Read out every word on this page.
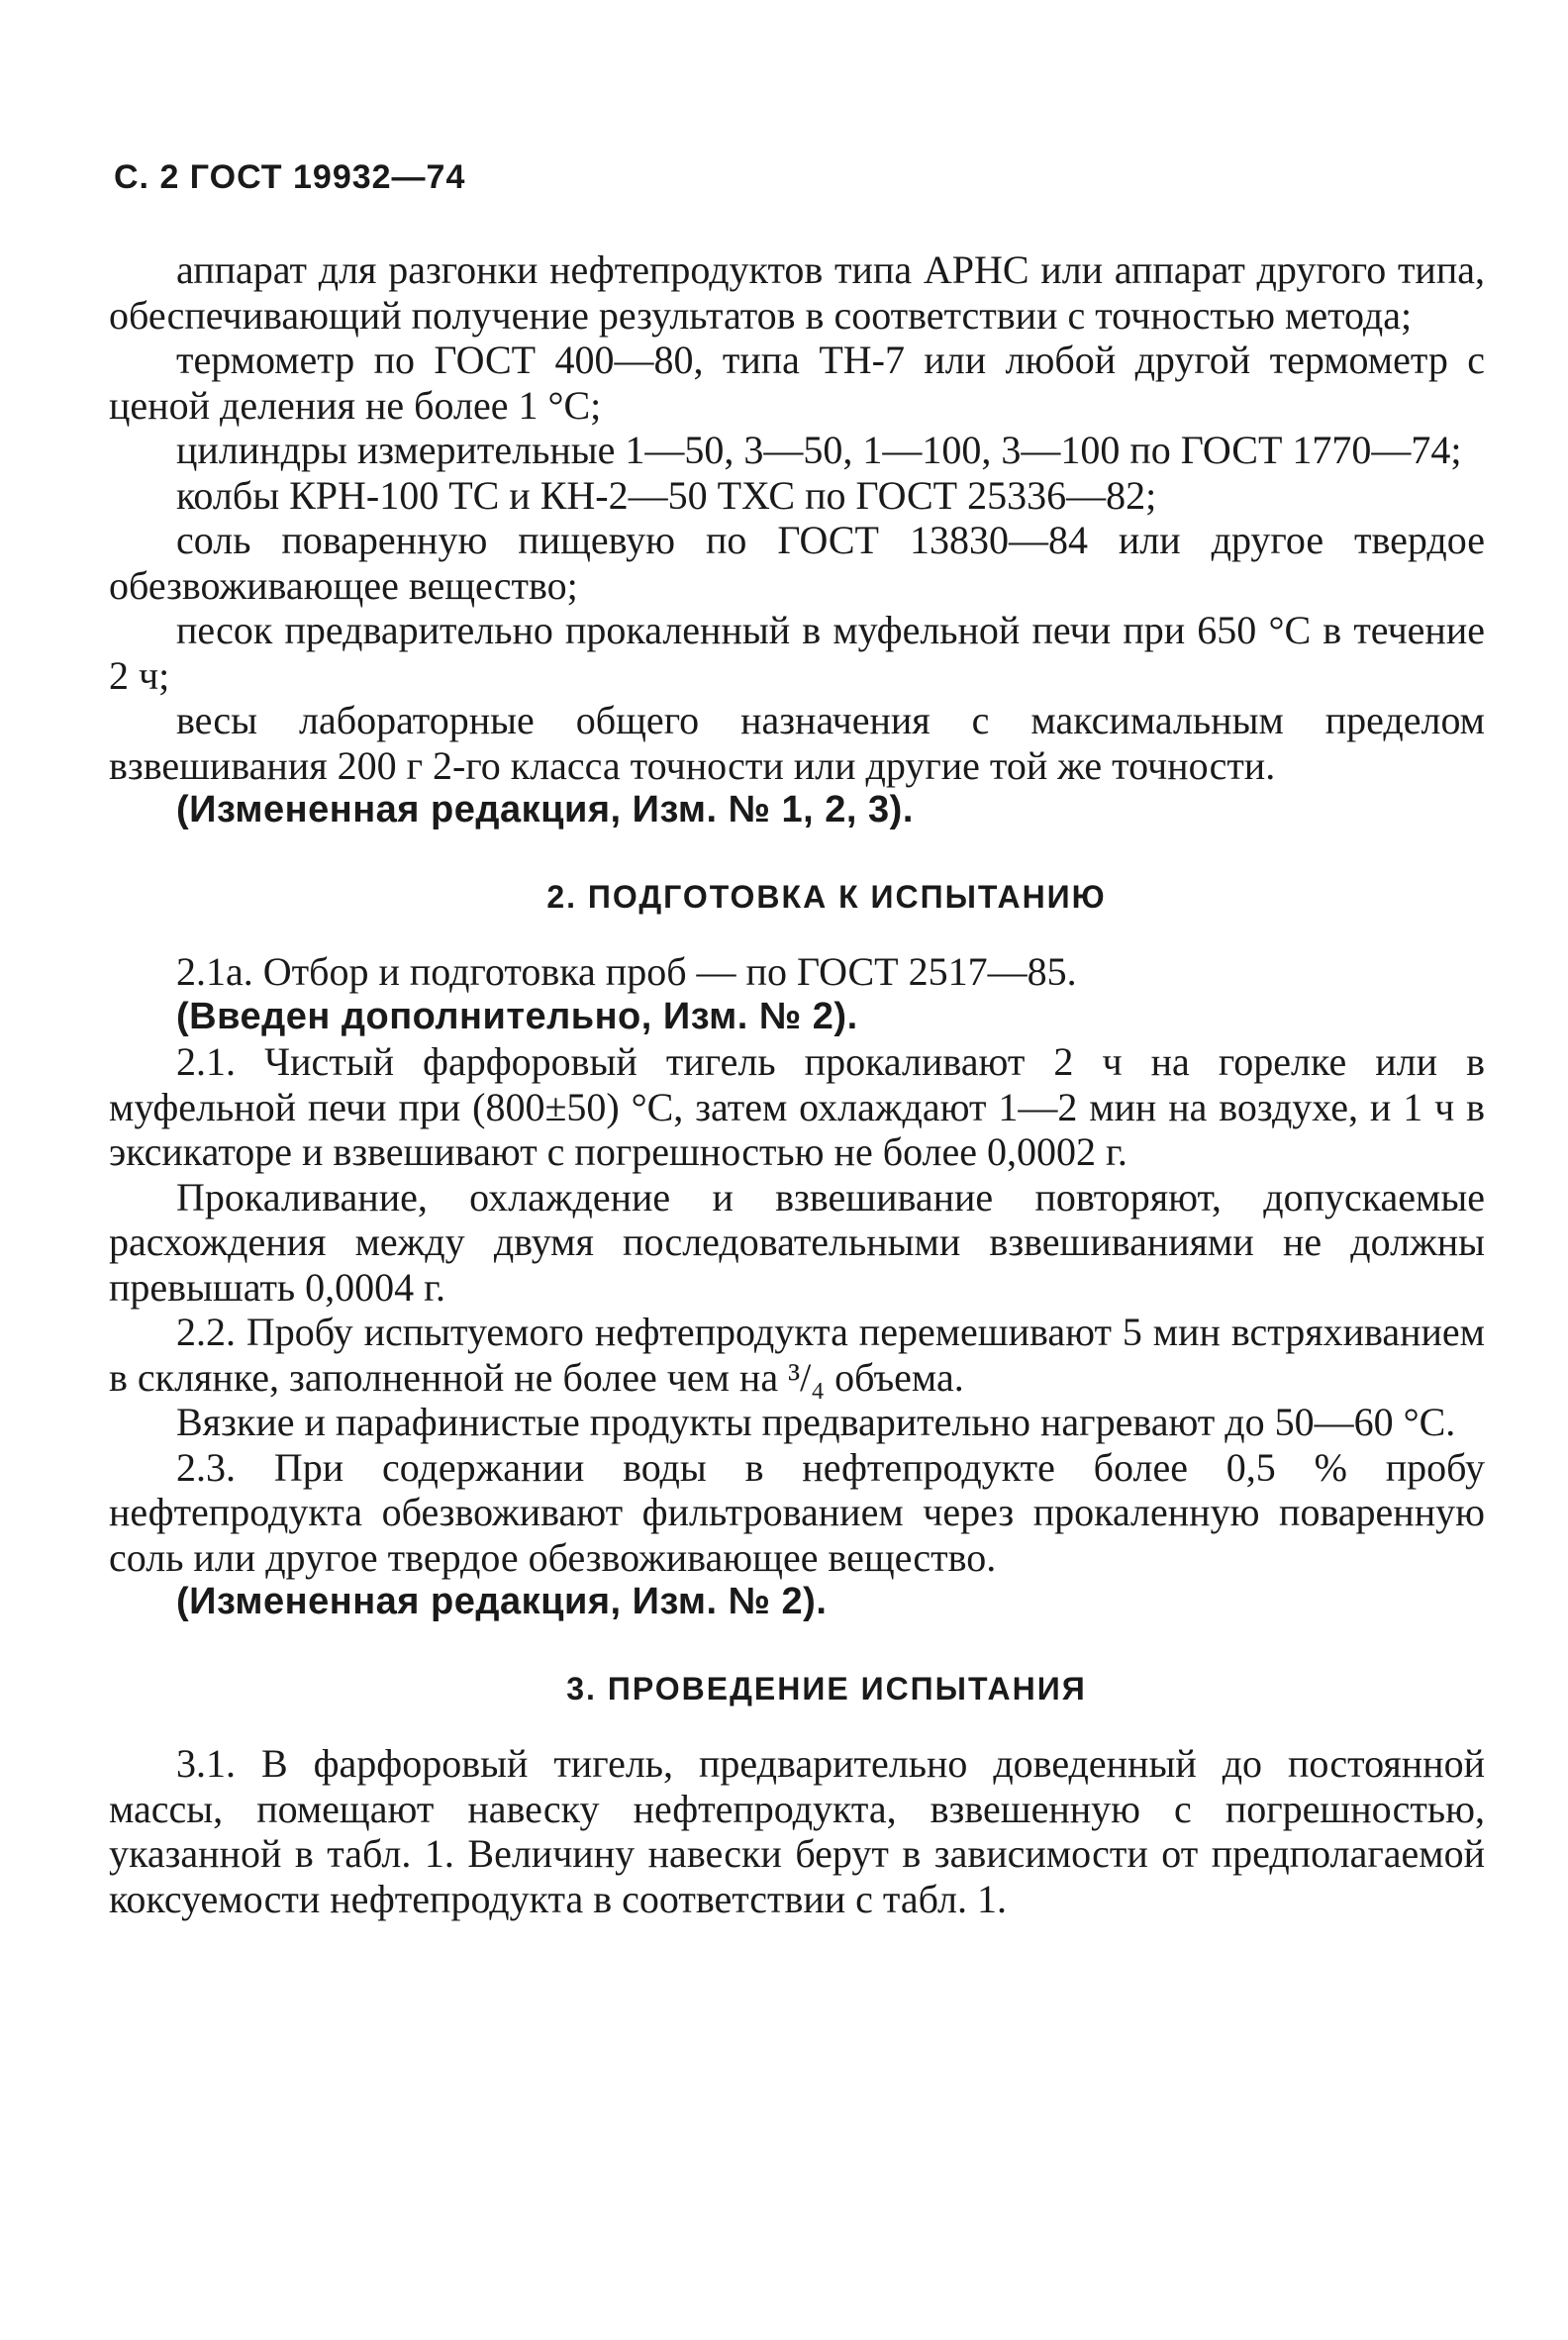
С. 2 ГОСТ 19932—74

аппарат для разгонки нефтепродуктов типа АРНС или аппарат другого типа, обеспечивающий получение результатов в соответствии с точностью метода;

термометр по ГОСТ 400—80, типа ТН-7 или любой другой термометр с ценой деления не более 1 °С;

цилиндры измерительные 1—50, 3—50, 1—100, 3—100 по ГОСТ 1770—74;

колбы КРН-100 ТС и КН-2—50 ТХС по ГОСТ 25336—82;

соль поваренную пищевую по ГОСТ 13830—84 или другое твердое обезвоживающее вещество;

песок предварительно прокаленный в муфельной печи при 650 °С в течение 2 ч;

весы лабораторные общего назначения с максимальным пределом взвешивания 200 г 2-го класса точности или другие той же точности.

(Измененная редакция, Изм. № 1, 2, 3).

2. ПОДГОТОВКА К ИСПЫТАНИЮ

2.1а. Отбор и подготовка проб — по ГОСТ 2517—85.

(Введен дополнительно, Изм. № 2).

2.1. Чистый фарфоровый тигель прокаливают 2 ч на горелке или в муфельной печи при (800±50) °С, затем охлаждают 1—2 мин на воздухе, и 1 ч в эксикаторе и взвешивают с погрешностью не более 0,0002 г.

Прокаливание, охлаждение и взвешивание повторяют, допускаемые расхождения между двумя последовательными взвешиваниями не должны превышать 0,0004 г.

2.2. Пробу испытуемого нефтепродукта перемешивают 5 мин встряхиванием в склянке, заполненной не более чем на ³/₄ объема.

Вязкие и парафинистые продукты предварительно нагревают до 50—60 °С.

2.3. При содержании воды в нефтепродукте более 0,5 % пробу нефтепродукта обезвоживают фильтрованием через прокаленную поваренную соль или другое твердое обезвоживающее вещество.

(Измененная редакция, Изм. № 2).

3. ПРОВЕДЕНИЕ ИСПЫТАНИЯ

3.1. В фарфоровый тигель, предварительно доведенный до постоянной массы, помещают навеску нефтепродукта, взвешенную с погрешностью, указанной в табл. 1. Величину навески берут в зависимости от предполагаемой коксуемости нефтепродукта в соответствии с табл. 1.
